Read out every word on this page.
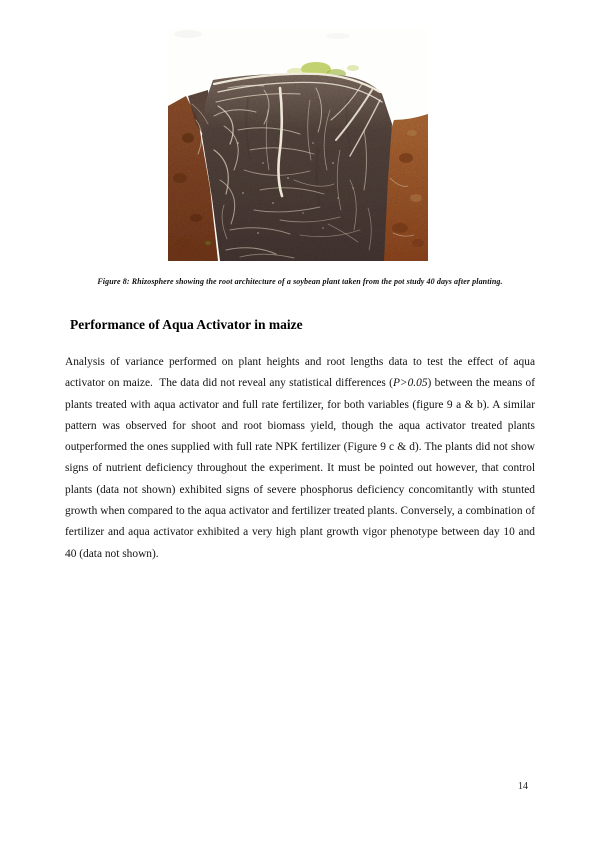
Figure 8: Rhizosphere showing the root architecture of a soybean plant taken from the pot study 40 days after planting.
Performance of Aqua Activator in maize

Analysis of variance performed on plant heights and root lengths data to test the effect of aqua activator on maize.  The data did not reveal any statistical differences (P>0.05) between the means of plants treated with aqua activator and full rate fertilizer, for both variables (figure 9 a & b). A similar pattern was observed for shoot and root biomass yield, though the aqua activator treated plants outperformed the ones supplied with full rate NPK fertilizer (Figure 9 c & d). The plants did not show signs of nutrient deficiency throughout the experiment. It must be pointed out however, that control plants (data not shown) exhibited signs of severe phosphorus deficiency concomitantly with stunted growth when compared to the aqua activator and fertilizer treated plants. Conversely, a combination of fertilizer and aqua activator exhibited a very high plant growth vigor phenotype between day 10 and 40 (data not shown).

14
